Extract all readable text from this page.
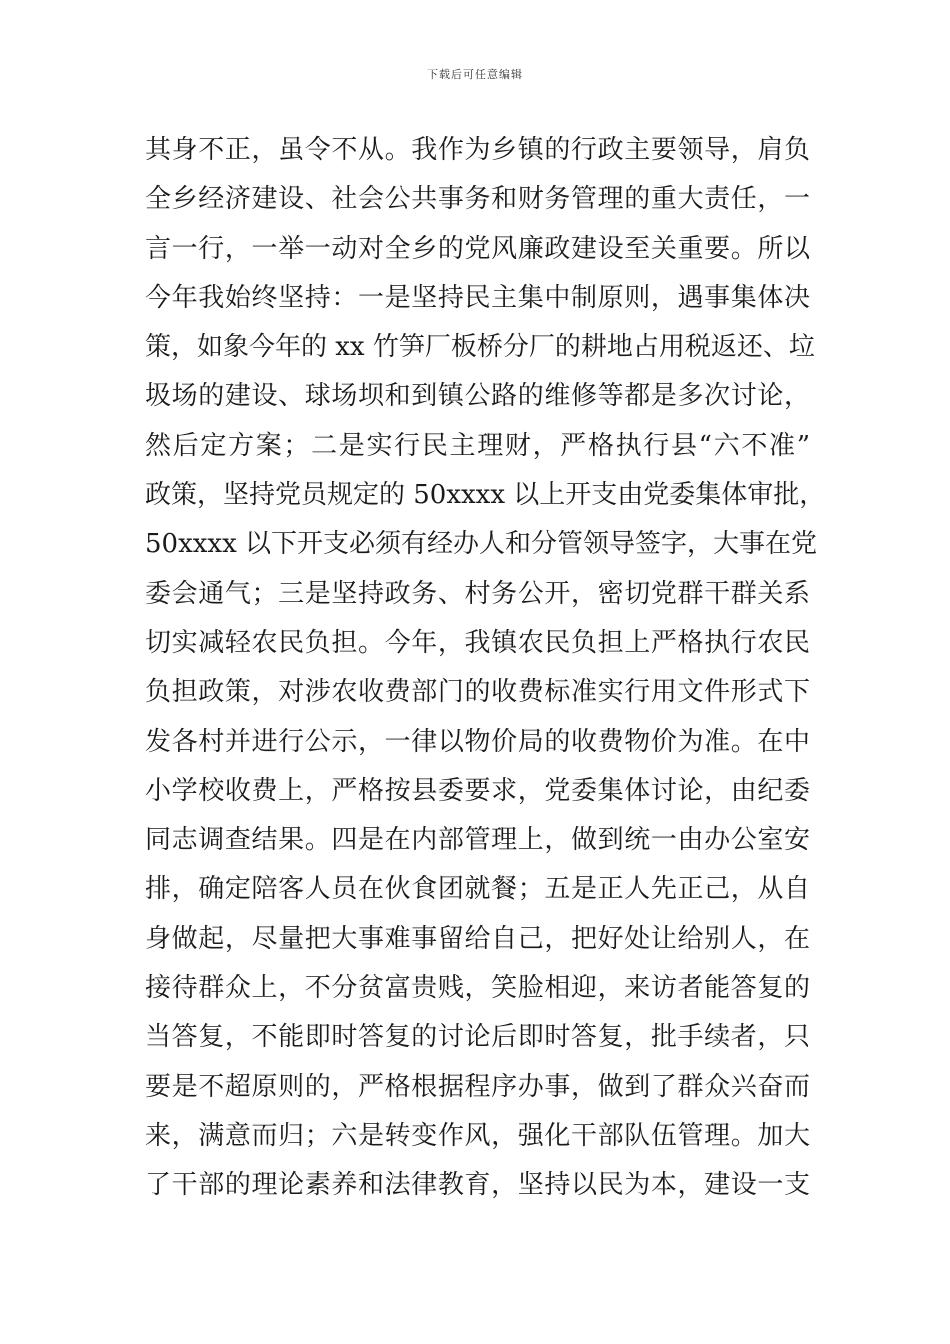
下载后可任意编辑
其身不正，虽令不从。我作为乡镇的行政主要领导，肩负
全乡经济建设、社会公共事务和财务管理的重大责任，一
言一行，一举一动对全乡的党风廉政建设至关重要。所以
今年我始终坚持：一是坚持民主集中制原则，遇事集体决
策，如象今年的 xx 竹笋厂板桥分厂的耕地占用税返还、垃
圾场的建设、球场坝和到镇公路的维修等都是多次讨论，
然后定方案；二是实行民主理财，严格执行县“六不准”
政策，坚持党员规定的 50xxxx 以上开支由党委集体审批，
50xxxx 以下开支必须有经办人和分管领导签字，大事在党
委会通气；三是坚持政务、村务公开，密切党群干群关系
切实减轻农民负担。今年，我镇农民负担上严格执行农民
负担政策，对涉农收费部门的收费标准实行用文件形式下
发各村并进行公示，一律以物价局的收费物价为准。在中
小学校收费上，严格按县委要求，党委集体讨论，由纪委
同志调查结果。四是在内部管理上，做到统一由办公室安
排，确定陪客人员在伙食团就餐；五是正人先正己，从自
身做起，尽量把大事难事留给自己，把好处让给别人，在
接待群众上，不分贫富贵贱，笑脸相迎，来访者能答复的
当答复，不能即时答复的讨论后即时答复，批手续者，只
要是不超原则的，严格根据程序办事，做到了群众兴奋而
来，满意而归；六是转变作风，强化干部队伍管理。加大
了干部的理论素养和法律教育，坚持以民为本，建设一支
